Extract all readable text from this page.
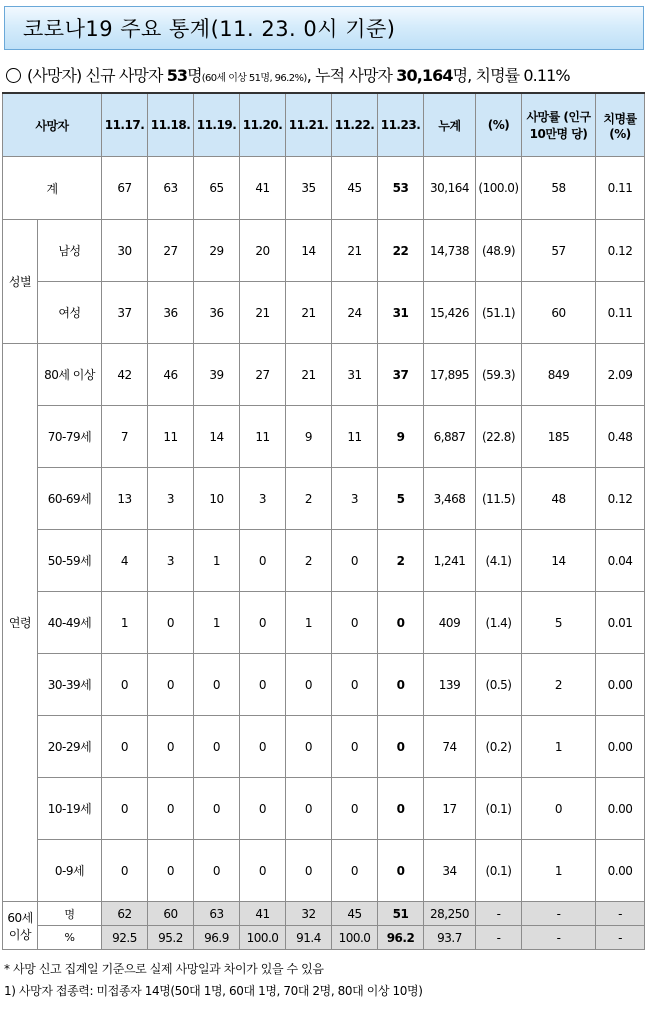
코로나19 주요 통계(11. 23. 0시 기준)
(사망자) 신규 사망자 53명(60세 이상 51명, 96.2%), 누적 사망자 30,164명, 치명률 0.11%
사망자		11.17.	11.18.	11.19.	11.20.	11.21.	11.22.	11.23.	누계	(%)	사망률 (인구10만명 당)	치명률 (%)
계		67	63	65	41	35	45	53	30,164	(100.0)	58	0.11
성별	남성	30	27	29	20	14	21	22	14,738	(48.9)	57	0.12
	여성	37	36	36	21	21	24	31	15,426	(51.1)	60	0.11
연령	80세 이상	42	46	39	27	21	31	37	17,895	(59.3)	849	2.09
	70-79세	7	11	14	11	9	11	9	6,887	(22.8)	185	0.48
	60-69세	13	3	10	3	2	3	5	3,468	(11.5)	48	0.12
	50-59세	4	3	1	0	2	0	2	1,241	(4.1)	14	0.04
	40-49세	1	0	1	0	1	0	0	409	(1.4)	5	0.01
	30-39세	0	0	0	0	0	0	0	139	(0.5)	2	0.00
	20-29세	0	0	0	0	0	0	0	74	(0.2)	1	0.00
	10-19세	0	0	0	0	0	0	0	17	(0.1)	0	0.00
	0-9세	0	0	0	0	0	0	0	34	(0.1)	1	0.00
60세 이상	명	62	60	63	41	32	45	51	28,250	-	-	-
	%	92.5	95.2	96.9	100.0	91.4	100.0	96.2	93.7	-	-	-
* 사망 신고 집계일 기준으로 실제 사망일과 차이가 있을 수 있음
1) 사망자 접종력: 미접종자 14명(50대 1명, 60대 1명, 70대 2명, 80대 이상 10명)
